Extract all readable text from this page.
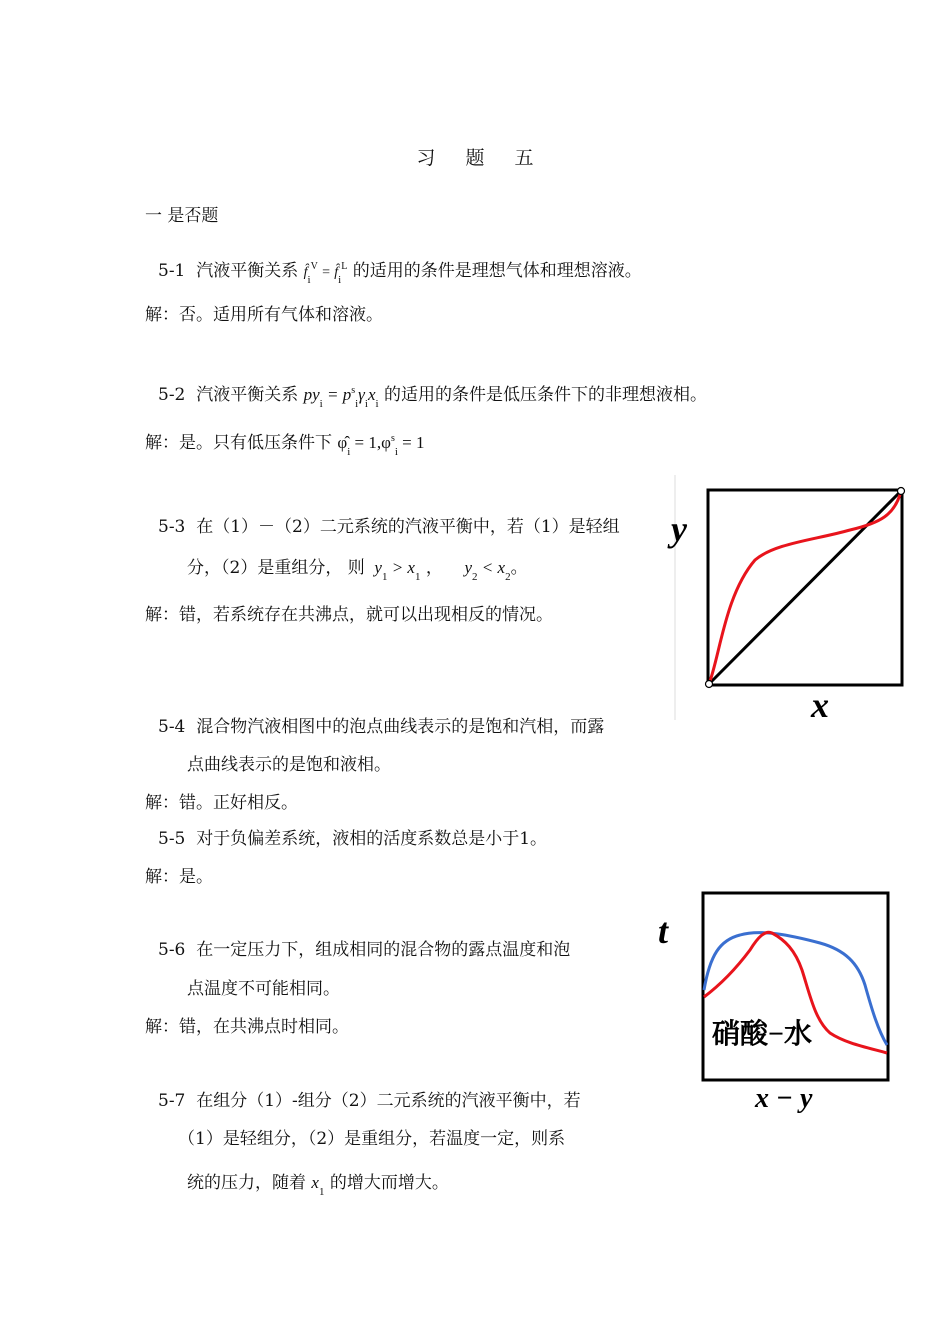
习 题 五
一 是否题
5-1 汽液平衡关系 $f̂_i^V$ = $f̂_i^L$ 的适用的条件是理想气体和理想溶液。
解：否。适用所有气体和溶液。
5-2 汽液平衡关系 $py_i = p^s_i\gamma_ix_i$ 的适用的条件是低压条件下的非理想液相。
解：是。只有低压条件下 $\varphî_i = 1,\varphi^s_i = 1$
5-3 在（1）－（2）二元系统的汽液平衡中，若（1）是轻组
分，（2）是重组分， 则  $y_1 > x_1$ ，    $y_2 < x_2$。
解：错，若系统存在共沸点，就可以出现相反的情况。
5-4 混合物汽液相图中的泡点曲线表示的是饱和汽相，而露
点曲线表示的是饱和液相。
解：错。正好相反。
5-5 对于负偏差系统，液相的活度系数总是小于1。
解：是。
5-6 在一定压力下，组成相同的混合物的露点温度和泡
点温度不可能相同。
解：错，在共沸点时相同。
5-7 在组分（1）-组分（2）二元系统的汽液平衡中，若
（1）是轻组分，（2）是重组分，若温度一定，则系
统的压力，随着 $x_1$ 的增大而增大。
y
x
t
硝酸−水
x − y
